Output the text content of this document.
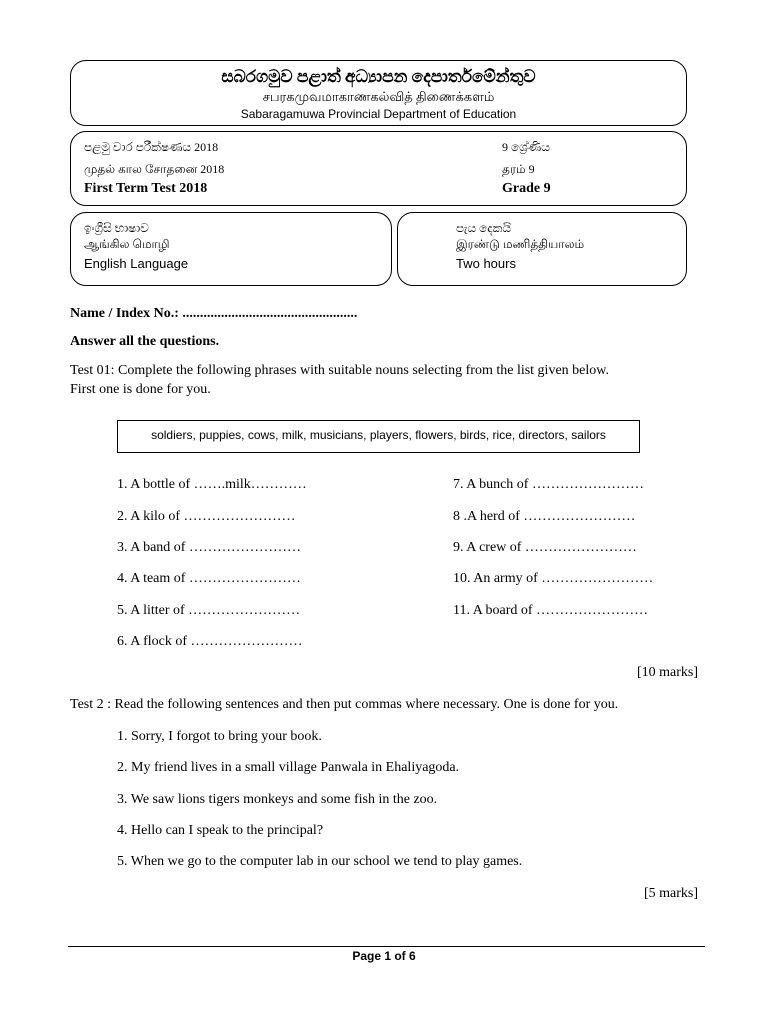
සබරගමුව පළාත් අධ්‍යාපන දෙපාර්තමේන්තුව
சபரகமுவமாகாணகல்வித் திணைக்களம்
Sabaragamuwa Provincial Department of Education
පළමු වාර පරීක්ෂණය 2018
முதல் கால சோதனை 2018
First Term Test 2018
9 ශ්‍රේණිය
தரம் 9
Grade 9
ඉංග්‍රීසි භාෂාව
ஆங்கில மொழி
English Language
පැය දෙකයි
இரண்டு மணித்தியாலம்
Two hours
Name / Index No.: ..................................................
Answer all the questions.
Test 01: Complete the following phrases with suitable nouns selecting from the list given below.
First one is done for you.
soldiers, puppies, cows, milk, musicians, players, flowers, birds, rice, directors, sailors
1. A bottle of …….milk…………
2. A kilo of ……………………
3. A band of ……………………
4. A team of ……………………
5. A litter of ……………………
6. A flock of ……………………
7. A bunch of ……………………
8 .A herd of ……………………
9. A crew of ……………………
10. An army of ……………………
11. A board of ……………………
[10 marks]
Test 2 : Read the following sentences and then put commas where necessary. One is done for you.
1. Sorry, I forgot to bring your book.
2. My friend lives in a small village Panwala in Ehaliyagoda.
3. We saw lions tigers monkeys and some fish in the zoo.
4. Hello can I speak to the principal?
5. When we go to the computer lab in our school we tend to play games.
[5 marks]
Page 1 of 6
